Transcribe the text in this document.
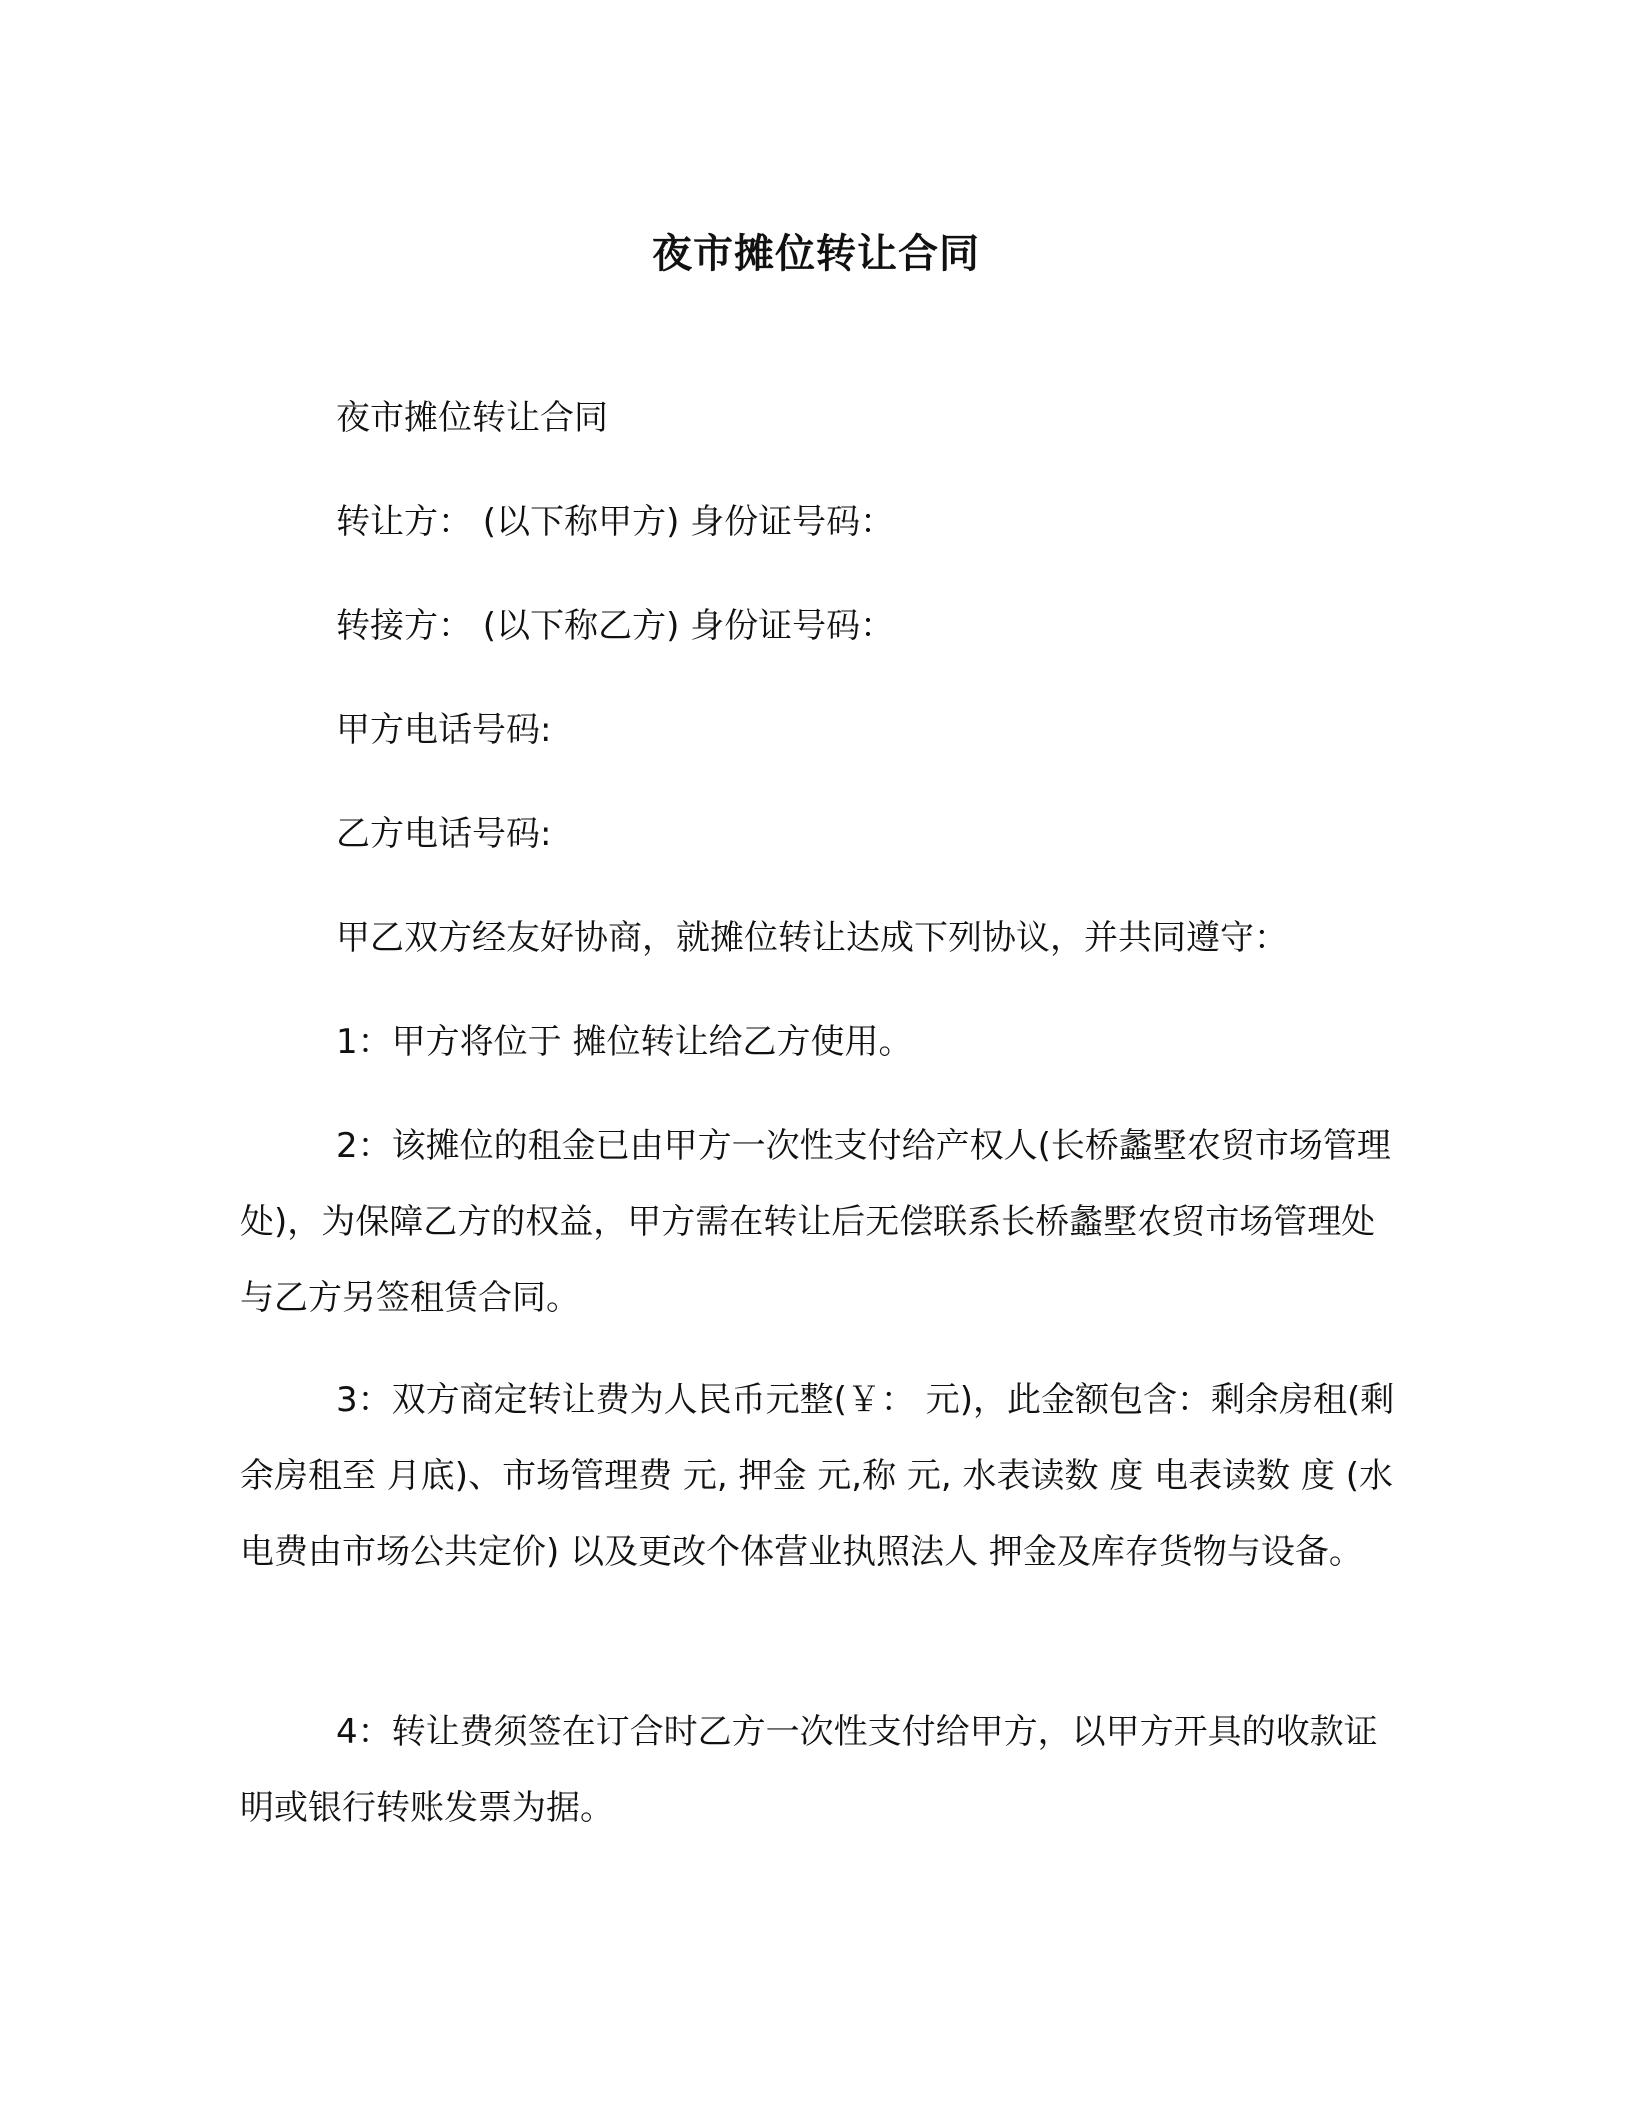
夜市摊位转让合同

夜市摊位转让合同

转让方： (以下称甲方) 身份证号码：

转接方： (以下称乙方) 身份证号码：

甲方电话号码:

乙方电话号码:

甲乙双方经友好协商，就摊位转让达成下列协议，并共同遵守：

1：甲方将位于 摊位转让给乙方使用。

2：该摊位的租金已由甲方一次性支付给产权人(长桥蠡墅农贸市场管理处)，为保障乙方的权益，甲方需在转让后无偿联系长桥蠡墅农贸市场管理处与乙方另签租赁合同。

3：双方商定转让费为人民币元整(￥： 元)，此金额包含：剩余房租(剩余房租至 月底)、市场管理费 元, 押金 元,称 元, 水表读数 度 电表读数 度 (水电费由市场公共定价) 以及更改个体营业执照法人 押金及库存货物与设备。

4：转让费须签在订合时乙方一次性支付给甲方，以甲方开具的收款证明或银行转账发票为据。
